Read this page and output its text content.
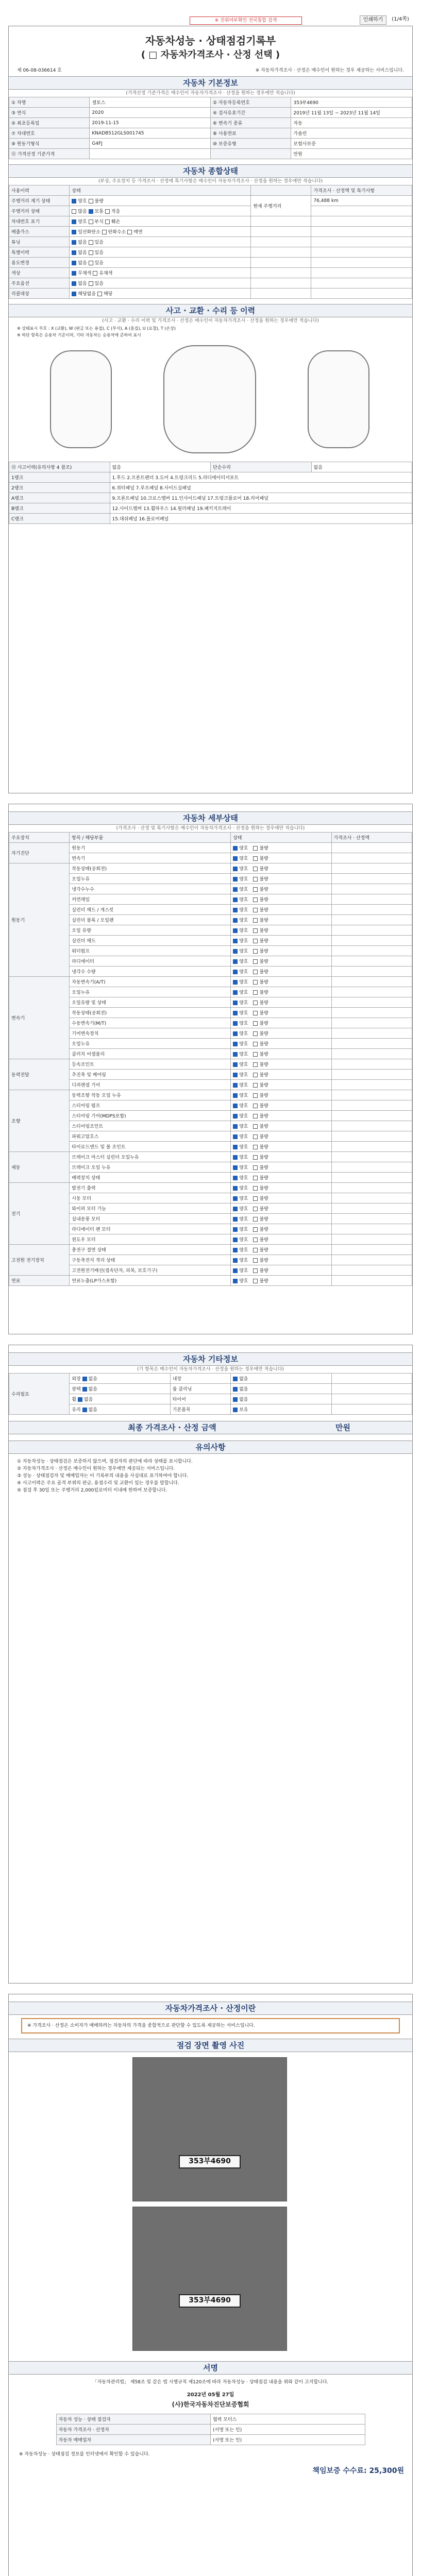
※ 진위여부확인 전국통합 검색	인쇄하기	(1/4쪽)
자동차성능 · 상태점검기록부
( □ 자동차가격조사 · 산정 선택 )
제 06-08-036614 호	※ 자동차가격조사 · 산정은 매수인이 원하는 경우 제공하는 서비스입니다.
자동차 기본정보
(가격산정 기준가격은 매수인이 자동차가격조사 · 산정을 원하는 경우에만 적습니다)
① 차명	셀토스	② 자동차등록번호	353부4690
③ 연식	2020	④ 검사유효기간	2019년 11월 13일 ~ 2023년 11월 14일
⑤ 최초등록일	2019-11-15	⑥ 변속기 종류	자동
⑦ 차대번호	KNADB512GLS001745	⑧ 사용연료	가솔린
⑨ 원동기형식	G4FJ	⑩ 보증유형	보험사보증
⑪ 가격산정 기준가격			만원
자동차 종합상태
(부상, 주요장치 등 가격조사 · 산정에 특기사항은 매수인이 자동차가격조사 · 산정을 원하는 경우에만 적습니다)
사용이력	상태		가격조사 · 산정액 및 특기사항
주행거리 계기 상태	양호 불량	현재 주행거리	76,488 km
주행거리 상태	많음 보통 적음		
차대번호 표기	양호 부식 훼손		
배출가스	일산화탄소 탄화수소 매연		
튜닝	없음 있음		
특별이력	없음 있음		
용도변경	없음 있음		
색상	무채색 유채색		
주요옵션	없음 있음		
리콜대상	해당없음 해당		
사고 · 교환 · 수리 등 이력
(사고 · 교환 · 수리 이력 및 가격조사 · 산정은 매수인이 자동차가격조사 · 산정을 원하는 경우에만 적습니다)
※ 상태표시 부호 : X (교환), W (판금 또는 용접), C (부식), A (흠집), U (요철), T (손상)
※ 하단 항목은 승용차 기준이며, 기타 자동차는 승용차에 준하여 표시
⑬ 사고이력(유의사항 4 참조)	없음	단순수리	없음
1랭크	1.후드 2.프론트펜더 3.도어 4.트렁크리드 5.라디에이터서포트		
2랭크	6.쿼터패널 7.루프패널 8.사이드실패널		
A랭크	9.프론트패널 10.크로스멤버 11.인사이드패널 17.트렁크플로어 18.리어패널		
B랭크	12.사이드멤버 13.휠하우스 14.필러패널 19.패키지트레이		
C랭크	15.대쉬패널 16.플로어패널		
자동차 세부상태
(가격조사 · 산정 및 특기사항은 매수인이 자동차가격조사 · 산정을 원하는 경우에만 적습니다)
주요장치	항목 / 해당부품	상태	가격조사 · 산정액
자기진단	원동기	양호 불량	
	변속기	양호 불량	
원동기	작동상태(공회전)	양호 불량	
	오일누유	양호 불량	
	냉각수누수	양호 불량	
	커먼레일	양호 불량	
	실린더 헤드 / 개스킷	양호 불량	
	실린더 블록 / 오일팬	양호 불량	
	오일 유량	양호 불량	
	실린더 헤드	양호 불량	
	워터펌프	양호 불량	
	라디에이터	양호 불량	
	냉각수 수량	양호 불량	
변속기	자동변속기(A/T)	양호 불량	
	오일누유	양호 불량	
	오일유량 및 상태	양호 불량	
	작동상태(공회전)	양호 불량	
	수동변속기(M/T)	양호 불량	
	기어변속장치	양호 불량	
	오일누유	양호 불량	
	클러치 어셈블리	양호 불량	
동력전달	등속조인트	양호 불량	
	추진축 및 베어링	양호 불량	
	디퍼렌셜 기어	양호 불량	
조향	동력조향 작동 오일 누유	양호 불량	
	스티어링 펌프	양호 불량	
	스티어링 기어(MDPS포함)	양호 불량	
	스티어링조인트	양호 불량	
	파워고압호스	양호 불량	
	타이로드엔드 및 볼 조인트	양호 불량	
제동	브레이크 마스터 실린더 오일누유	양호 불량	
	브레이크 오일 누유	양호 불량	
	배력장치 상태	양호 불량	
전기	발전기 출력	양호 불량	
	시동 모터	양호 불량	
	와이퍼 모터 기능	양호 불량	
	실내송풍 모터	양호 불량	
	라디에이터 팬 모터	양호 불량	
	윈도우 모터	양호 불량	
고전원 전기장치	충전구 절연 상태	양호 불량	
	구동축전지 격리 상태	양호 불량	
	고전원전기배선(접속단자, 피복, 보호기구)	양호 불량	
연료	연료누출(LP가스포함)	양호 불량	
자동차 기타정보
(기 항목은 매수인이 자동차가격조사 · 산정을 원하는 경우에만 적습니다)
수리필요	외장 없음	내장	없음	
	광택 없음	룸 클리닝	없음	
	휠 없음	타이어	없음	
	유리 없음	기본품목	보유	
최종 가격조사 · 산정 금액	만원
유의사항

① 자동차성능 · 상태점검은 보증하지 않으며, 점검자의 판단에 따라 상태를 표시합니다.

② 자동차가격조사 · 산정은 매수인이 원하는 경우에만 제공되는 서비스입니다.

③ 성능 · 상태점검자 및 매매업자는 이 기록부의 내용을 사실대로 표기하여야 합니다.

④ 사고이력은 주요 골격 부위의 판금, 용접수리 및 교환이 있는 경우를 말합니다.

⑤ 점검 후 30일 또는 주행거리 2,000킬로미터 이내에 한하여 보증합니다.

자동차가격조사 · 산정이란
※ 가격조사 · 산정은 소비자가 매매하려는 자동차의 가격을 종합적으로 판단할 수 있도록 제공하는 서비스입니다.
점검 장면 촬영 사진
353부4690
353부4690
서명
「자동차관리법」 제58조 및 같은 법 시행규칙 제120조에 따라 자동차성능 · 상태점검 내용을 위와 같이 고지합니다.
2022년 05월 27일
(사)한국자동차진단보증협회
자동차 성능 · 상태 점검자	협력 모터스
자동차 가격조사 · 산정자	(서명 또는 인)
자동차 매매업자	(서명 또는 인)
※ 자동차성능 · 상태점검 정보를 인터넷에서 확인할 수 있습니다.
책임보증 수수료: 25,300원
